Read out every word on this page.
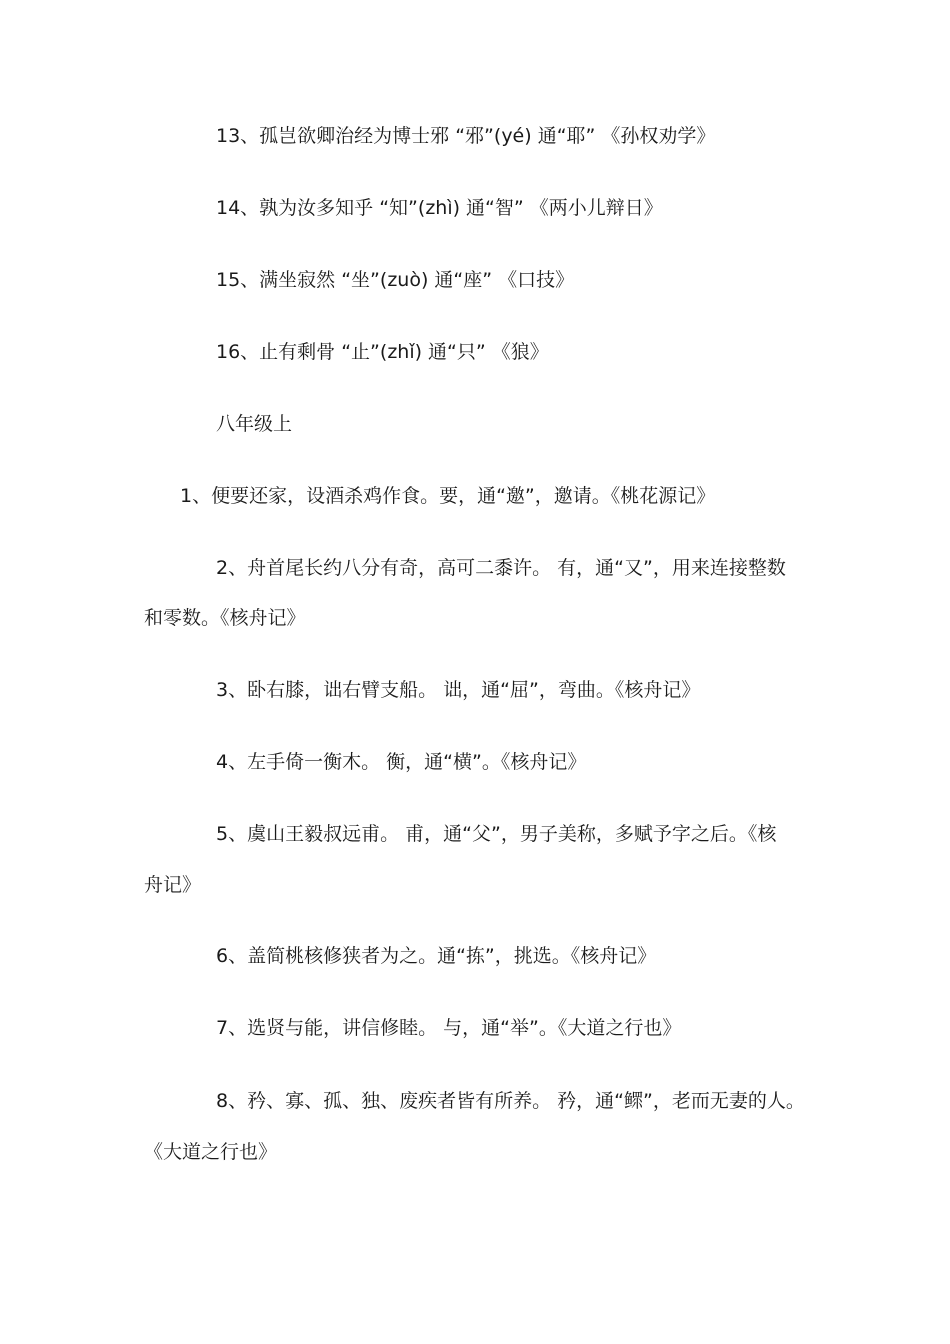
13、孤岂欲卿治经为博士邪 “邪”(yé) 通“耶” 《孙权劝学》
14、孰为汝多知乎 “知”(zhì) 通“智” 《两小儿辩日》
15、满坐寂然 “坐”(zuò) 通“座” 《口技》
16、止有剩骨 “止”(zhǐ) 通“只” 《狼》
八年级上
1、便要还家，设酒杀鸡作食。要，通“邀”，邀请。《桃花源记》
2、舟首尾长约八分有奇，高可二黍许。 有，通“又”，用来连接整数
和零数。《核舟记》
3、卧右膝，诎右臂支船。 诎，通“屈”，弯曲。《核舟记》
4、左手倚一衡木。 衡，通“横”。《核舟记》
5、虞山王毅叔远甫。 甫，通“父”，男子美称，多赋予字之后。《核
舟记》
6、盖简桃核修狭者为之。通“拣”，挑选。《核舟记》
7、选贤与能，讲信修睦。 与，通“举”。《大道之行也》
8、矜、寡、孤、独、废疾者皆有所养。 矜，通“鳏”，老而无妻的人。
《大道之行也》
